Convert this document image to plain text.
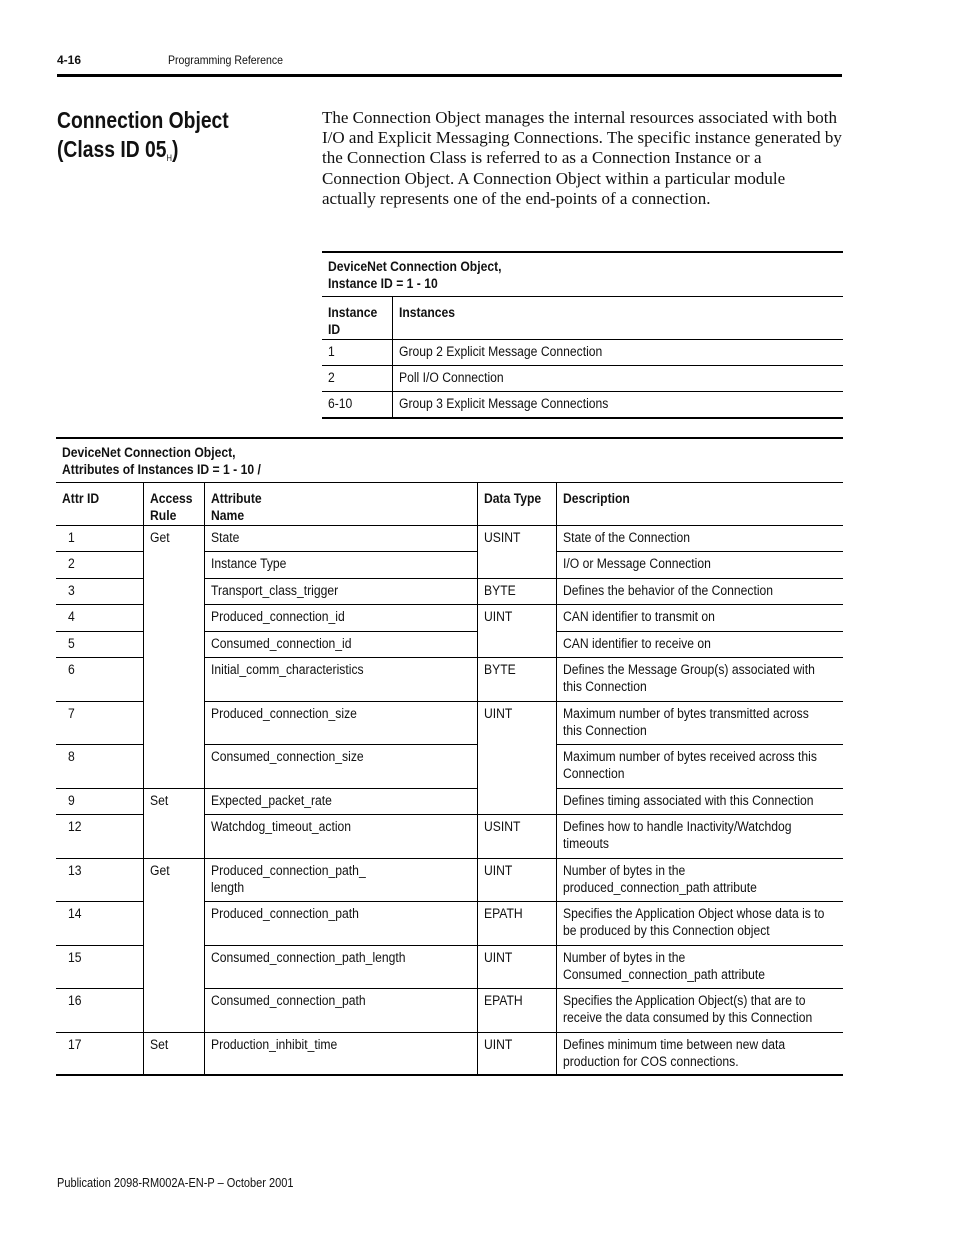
4-16	Programming Reference
Connection Object
(Class ID $05_H$)

The Connection Object manages the internal resources associated with both I/O and Explicit Messaging Connections. The specific instance generated by the Connection Class is referred to as a Connection Instance or a Connection Object. A Connection Object within a particular module actually represents one of the end-points of a connection.

DeviceNet Connection Object,
Instance ID = 1 - 10	
Instance ID	Instances
1	Group 2 Explicit Message Connection
2	Poll I/O Connection
6-10	Group 3 Explicit Message Connections
DeviceNet Connection Object,
Attributes of Instances ID = 1 - 10 /				
Attr ID	Access Rule	Attribute Name	Data Type	Description
1	Get	State	USINT	State of the Connection
2		Instance Type		I/O or Message Connection
3		Transport_class_trigger	BYTE	Defines the behavior of the Connection
4		Produced_connection_id	UINT	CAN identifier to transmit on
5		Consumed_connection_id		CAN identifier to receive on
6		Initial_comm_characteristics	BYTE	Defines the Message Group(s) associated with this Connection
7		Produced_connection_size	UINT	Maximum number of bytes transmitted across this Connection
8		Consumed_connection_size		Maximum number of bytes received across this Connection
9	Set	Expected_packet_rate		Defines timing associated with this Connection
12		Watchdog_timeout_action	USINT	Defines how to handle Inactivity/Watchdog timeouts
13	Get	Produced_connection_path_ length	UINT	Number of bytes in the produced_connection_path attribute
14		Produced_connection_path	EPATH	Specifies the Application Object whose data is to be produced by this Connection object
15		Consumed_connection_path_length	UINT	Number of bytes in the Consumed_connection_path attribute
16		Consumed_connection_path	EPATH	Specifies the Application Object(s) that are to receive the data consumed by this Connection
17	Set	Production_inhibit_time	UINT	Defines minimum time between new data production for COS connections.
Publication 2098-RM002A-EN-P – October 2001
